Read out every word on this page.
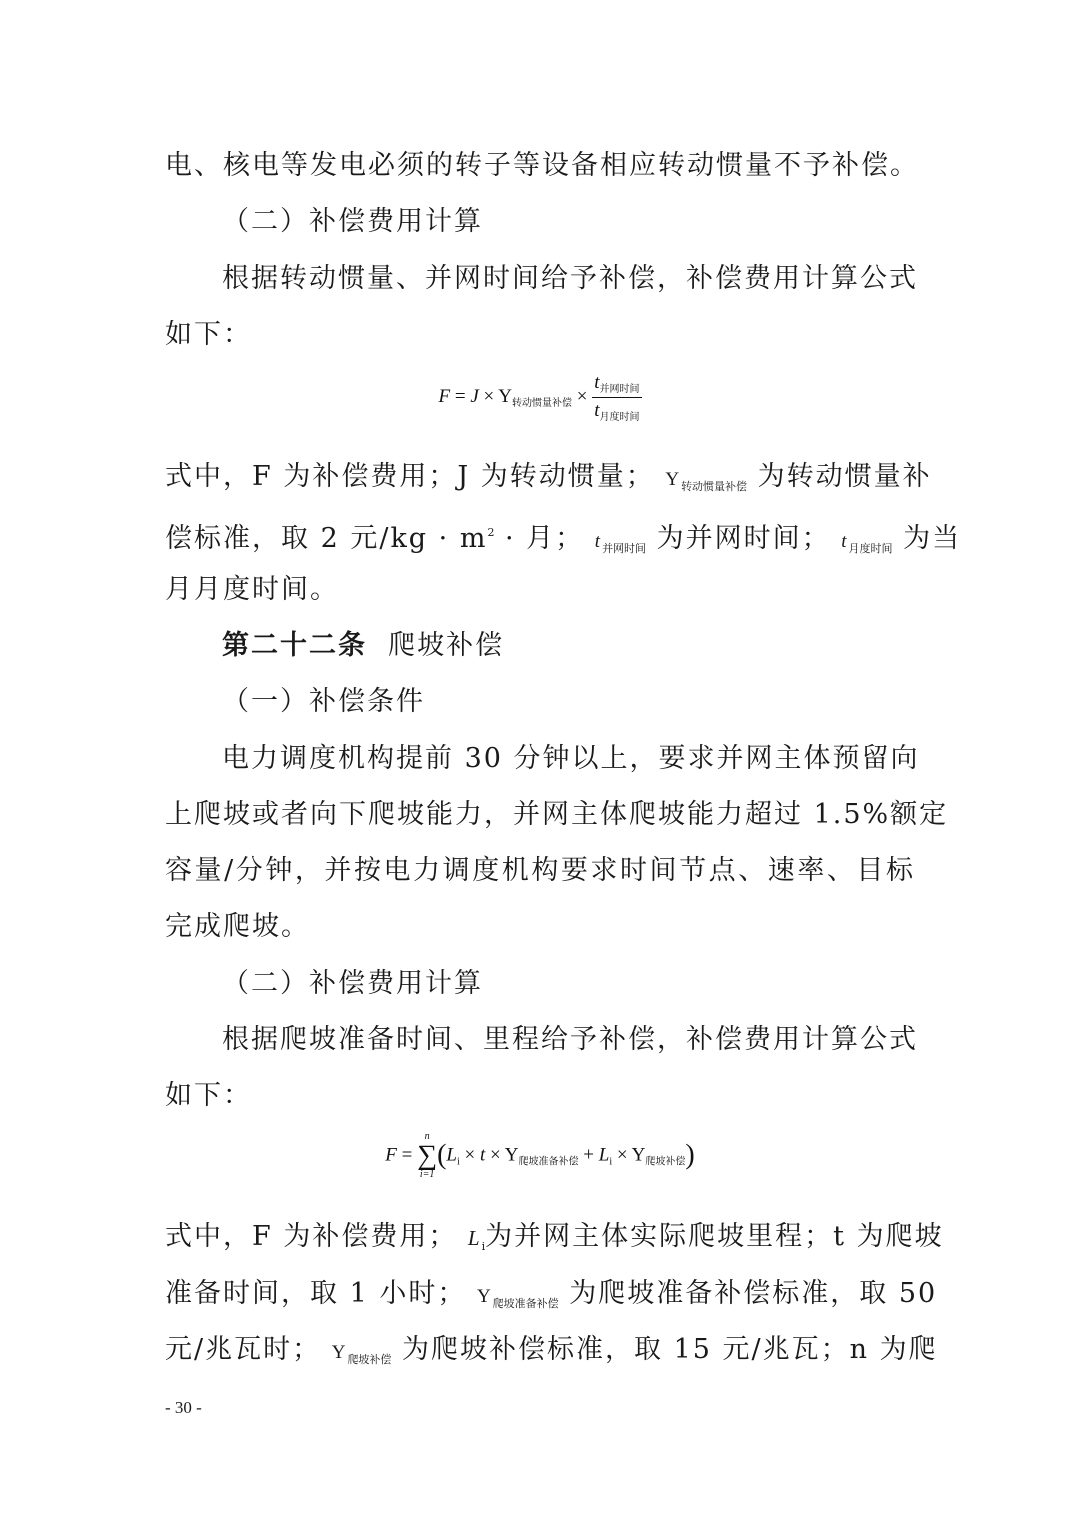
电、核电等发电必须的转子等设备相应转动惯量不予补偿。
（二）补偿费用计算
根据转动惯量、并网时间给予补偿，补偿费用计算公式
如下：
$F = J \times Y_{转动惯量补偿} \times \frac{t_{并网时间}}{t_{月度时间}}$
式中，F 为补偿费用；J 为转动惯量； Y转动惯量补偿 为转动惯量补
偿标准，取 2 元$/kg \cdot m^2$ · 月； t并网时间 为并网时间； t月度时间 为当
月月度时间。
第二十二条 爬坡补偿
（一）补偿条件
电力调度机构提前 30 分钟以上，要求并网主体预留向
上爬坡或者向下爬坡能力，并网主体爬坡能力超过 1.5%额定
容量/分钟，并按电力调度机构要求时间节点、速率、目标
完成爬坡。
（二）补偿费用计算
根据爬坡准备时间、里程给予补偿，补偿费用计算公式
如下：
F =
n
∑
i=1
$(L_i \times t \times Y_{爬坡准备补偿} + L_i \times Y_{爬坡补偿})$
式中，F 为补偿费用； Li为并网主体实际爬坡里程；t 为爬坡
准备时间，取 1 小时； Y爬坡准备补偿 为爬坡准备补偿标准，取 50
元/兆瓦时； Y爬坡补偿 为爬坡补偿标准，取 15 元/兆瓦；n 为爬
- 30 -
